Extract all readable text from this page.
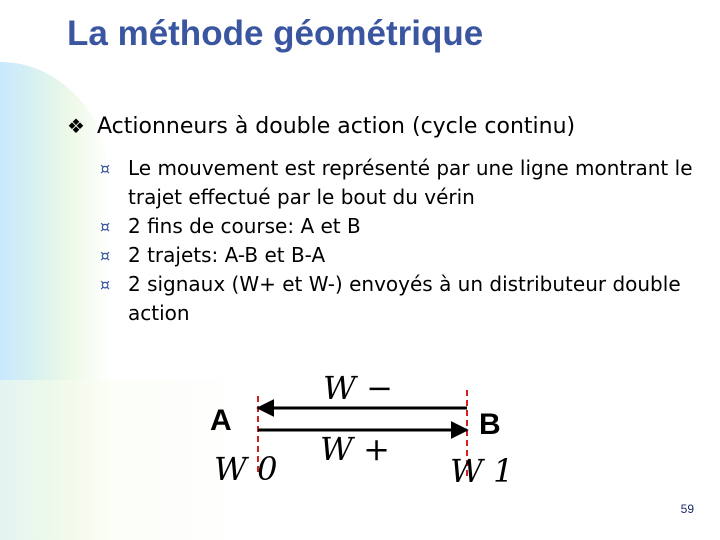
La méthode géométrique
❖ Actionneurs à double action (cycle continu)
¤ Le mouvement est représenté par une ligne montrant le trajet effectué par le bout du vérin
¤ 2 fins de course: A et B
¤ 2 trajets: A-B et B-A
¤ 2 signaux (W+ et W-) envoyés à un distributeur double action
A	B
W −
W +
W 0	W 1
59
